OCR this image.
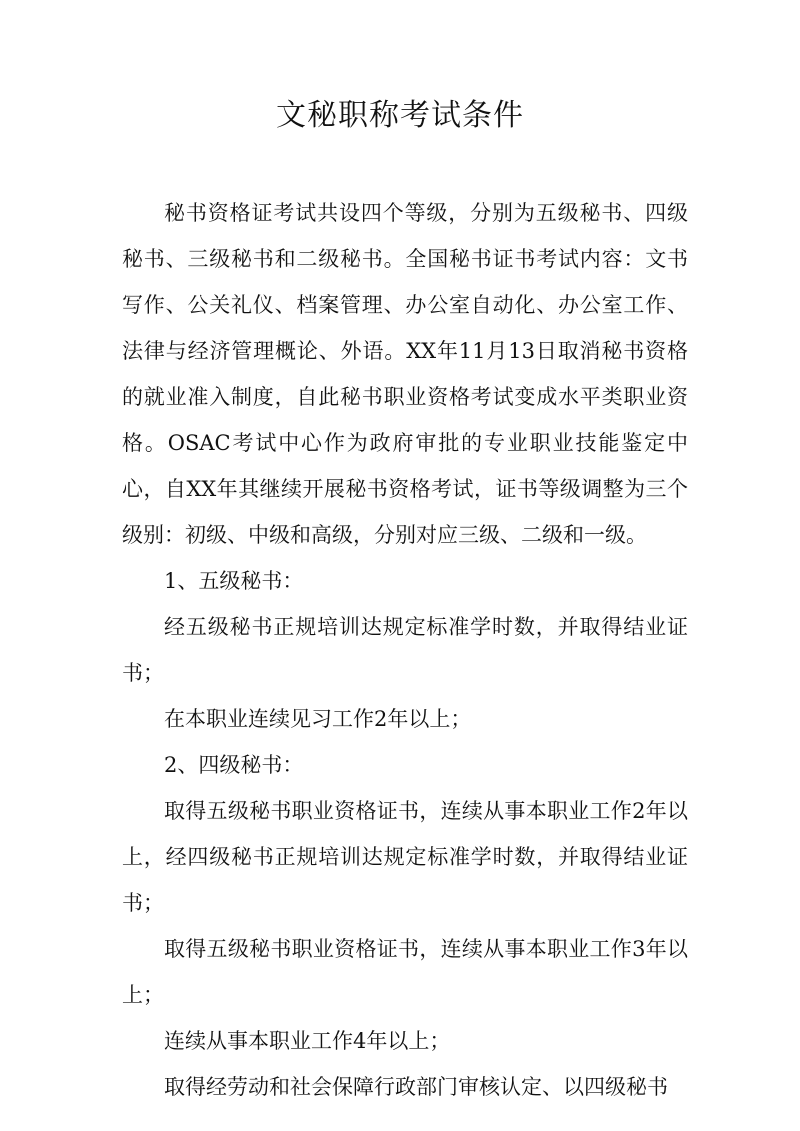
文秘职称考试条件

秘书资格证考试共设四个等级，分别为五级秘书、四级秘书、三级秘书和二级秘书。全国秘书证书考试内容：文书写作、公关礼仪、档案管理、办公室自动化、办公室工作、法律与经济管理概论、外语。XX年11月13日取消秘书资格的就业准入制度，自此秘书职业资格考试变成水平类职业资格。OSAC考试中心作为政府审批的专业职业技能鉴定中心，自XX年其继续开展秘书资格考试，证书等级调整为三个级别：初级、中级和高级，分别对应三级、二级和一级。

1、五级秘书：

经五级秘书正规培训达规定标准学时数，并取得结业证书；

在本职业连续见习工作2年以上；

2、四级秘书：

取得五级秘书职业资格证书，连续从事本职业工作2年以上，经四级秘书正规培训达规定标准学时数，并取得结业证书；

取得五级秘书职业资格证书，连续从事本职业工作3年以上；

连续从事本职业工作4年以上；

取得经劳动和社会保障行政部门审核认定、以四级秘书
